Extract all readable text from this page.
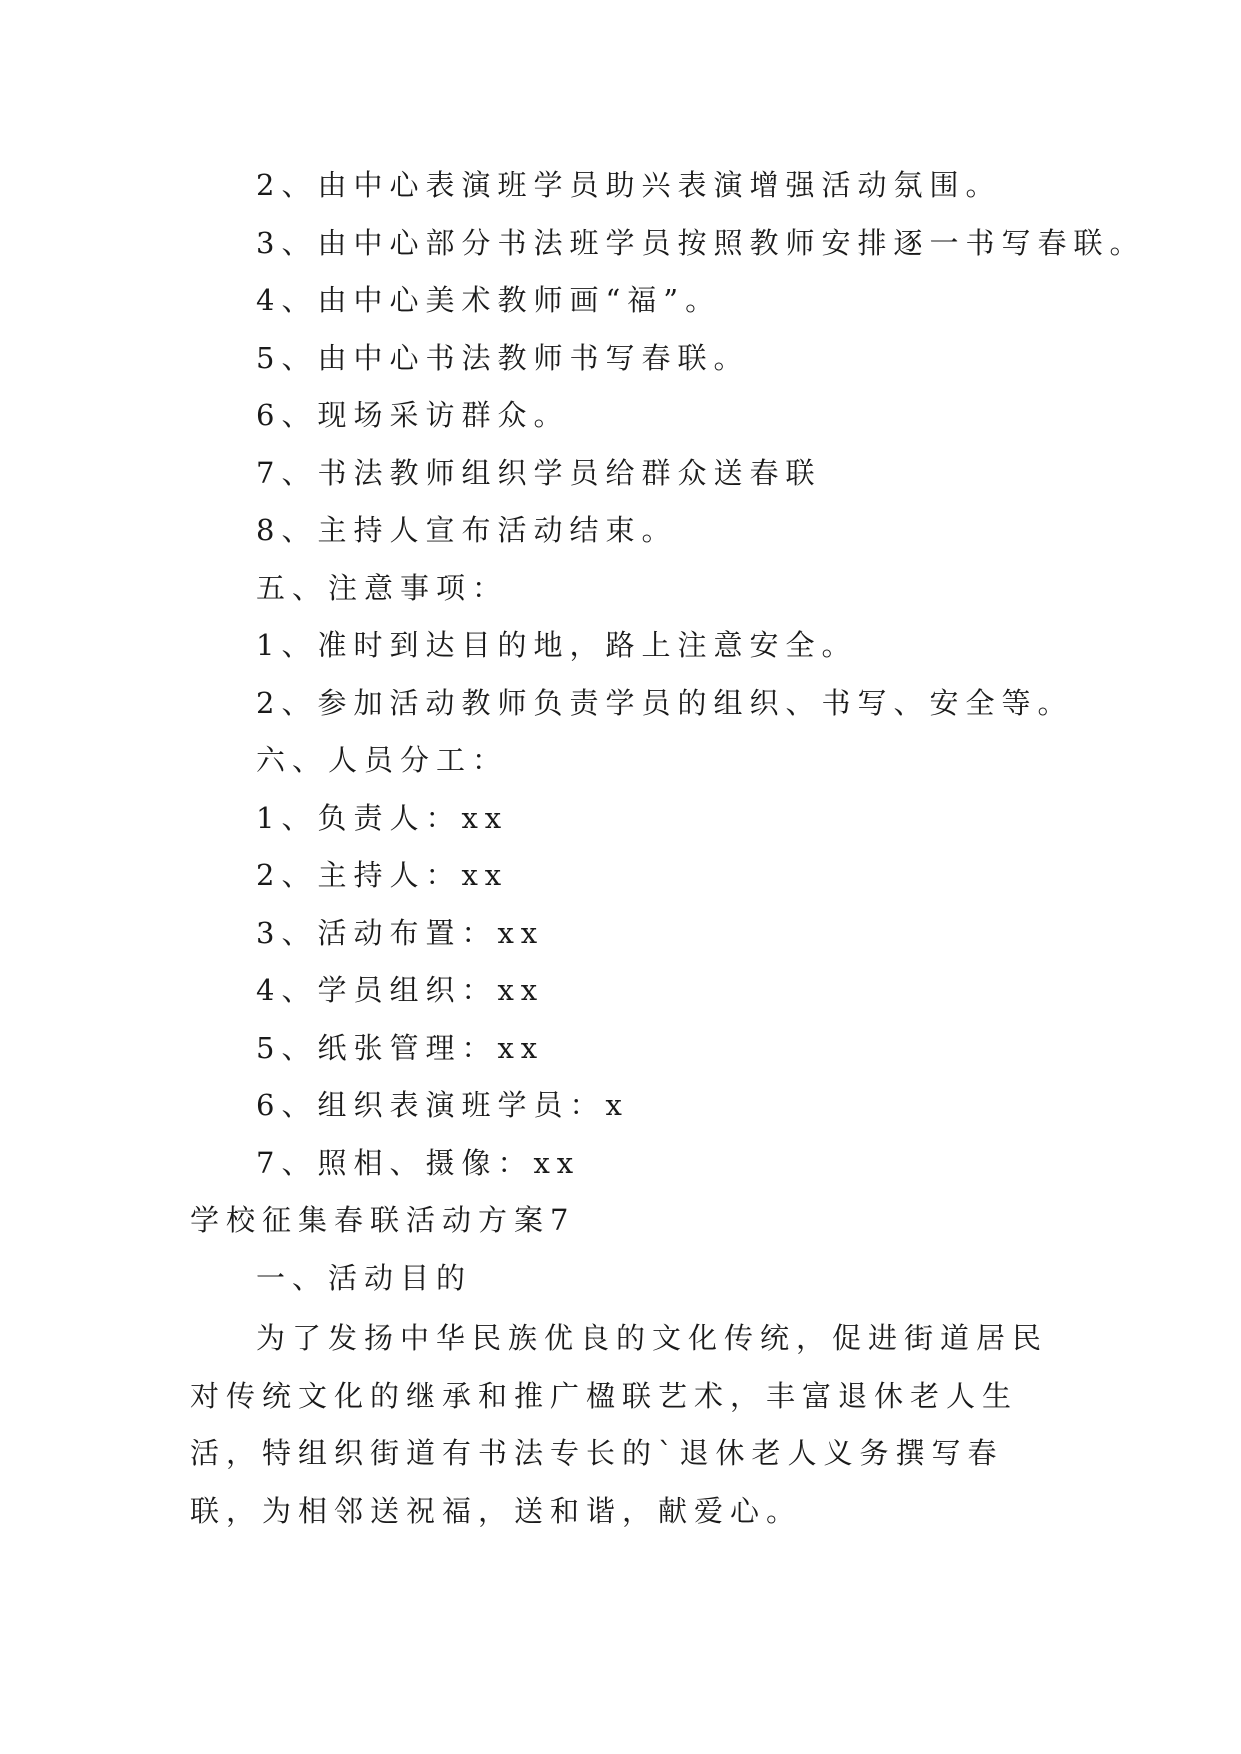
2、由中心表演班学员助兴表演增强活动氛围。
3、由中心部分书法班学员按照教师安排逐一书写春联。
4、由中心美术教师画“福”。
5、由中心书法教师书写春联。
6、现场采访群众。
7、书法教师组织学员给群众送春联
8、主持人宣布活动结束。
五、注意事项：
1、准时到达目的地，路上注意安全。
2、参加活动教师负责学员的组织、书写、安全等。
六、人员分工：
1、负责人：xx
2、主持人：xx
3、活动布置：xx
4、学员组织：xx
5、纸张管理：xx
6、组织表演班学员：x
7、照相、摄像：xx
学校征集春联活动方案7
一、活动目的

为了发扬中华民族优良的文化传统，促进街道居民对传统文化的继承和推广楹联艺术，丰富退休老人生活，特组织街道有书法专长的`退休老人义务撰写春联，为相邻送祝福，送和谐，献爱心。
